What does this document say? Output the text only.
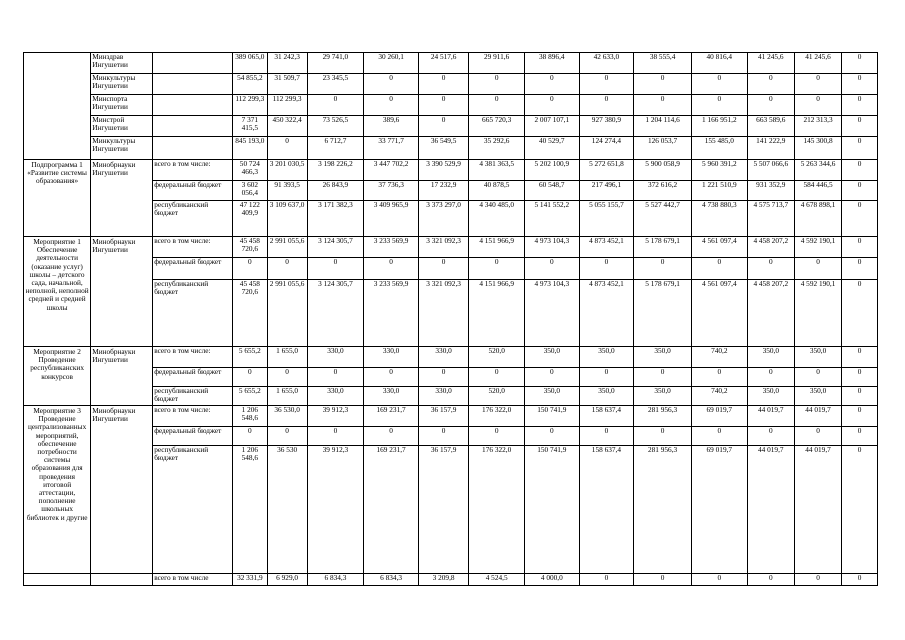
	Минздрав Ингушетии		389 065,0	31 242,3	29 741,0	30 260,1	24 517,6	29 911,6	38 896,4	42 633,0	38 555,4	40 816,4	41 245,6	41 245,6	0
	Минкультуры Ингушетии		54 855,2	31 509,7	23 345,5	0	0	0	0	0	0	0	0	0	0
	Минспорта Ингушетии		112 299,3	112 299,3	0	0	0	0	0	0	0	0	0	0	0
	Минстрой Ингушетии		7 371 415,5	450 322,4	73 526,5	389,6	0	665 720,3	2 007 107,1	927 380,9	1 204 114,6	1 166 951,2	663 589,6	212 313,3	0
	Минкультуры Ингушетии		845 193,0	0	6 712,7	33 771,7	36 549,5	35 292,6	40 529,7	124 274,4	126 053,7	155 485,0	141 222,9	145 300,8	0
Подпрограмма 1 «Развитие системы образования»	Минобрнауки Ингушетии	всего в том числе:	50 724 466,3	3 201 030,5	3 198 226,2	3 447 702,2	3 390 529,9	4 381 363,5	5 202 100,9	5 272 651,8	5 900 058,9	5 960 391,2	5 507 066,6	5 263 344,6	0
		федеральный бюджет	3 602 056,4	91 393,5	26 843,9	37 736,3	17 232,9	40 878,5	60 548,7	217 496,1	372 616,2	1 221 510,9	931 352,9	584 446,5	0
		республиканский бюджет	47 122 409,9	3 109 637,0	3 171 382,3	3 409 965,9	3 373 297,0	4 340 485,0	5 141 552,2	5 055 155,7	5 527 442,7	4 738 880,3	4 575 713,7	4 678 898,1	0
Мероприятие 1 Обеспечение деятельности (оказание услуг) школы – детского сада, начальной, неполной, неполной средней и средней школы	Минобрнауки Ингушетии	всего в том числе:	45 458 720,6	2 991 055,6	3 124 305,7	3 233 569,9	3 321 092,3	4 151 966,9	4 973 104,3	4 873 452,1	5 178 679,1	4 561 097,4	4 458 207,2	4 592 190,1	0
		федеральный бюджет	0	0	0	0	0	0	0	0	0	0	0	0	0
		республиканский бюджет	45 458 720,6	2 991 055,6	3 124 305,7	3 233 569,9	3 321 092,3	4 151 966,9	4 973 104,3	4 873 452,1	5 178 679,1	4 561 097,4	4 458 207,2	4 592 190,1	0
Мероприятие 2 Проведение республиканских конкурсов	Минобрнауки Ингушетии	всего в том числе:	5 655,2	1 655,0	330,0	330,0	330,0	520,0	350,0	350,0	350,0	740,2	350,0	350,0	0
		федеральный бюджет	0	0	0	0	0	0	0	0	0	0	0	0	0
		республиканский бюджет	5 655,2	1 655,0	330,0	330,0	330,0	520,0	350,0	350,0	350,0	740,2	350,0	350,0	0
Мероприятие 3 Проведение централизованных мероприятий, обеспечение потребности системы образования для проведения итоговой аттестации, пополнение школьных библиотек и другие	Минобрнауки Ингушетии	всего в том числе:	1 206 548,6	36 530,0	39 912,3	169 231,7	36 157,9	176 322,0	150 741,9	158 637,4	281 956,3	69 019,7	44 019,7	44 019,7	0
		федеральный бюджет	0	0	0	0	0	0	0	0	0	0	0	0	0
		республиканский бюджет	1 206 548,6	36 530	39 912,3	169 231,7	36 157,9	176 322,0	150 741,9	158 637,4	281 956,3	69 019,7	44 019,7	44 019,7	0
		всего в том числе	32 331,9	6 929,0	6 834,3	6 834,3	3 209,8	4 524,5	4 000,0	0	0	0	0	0	0
